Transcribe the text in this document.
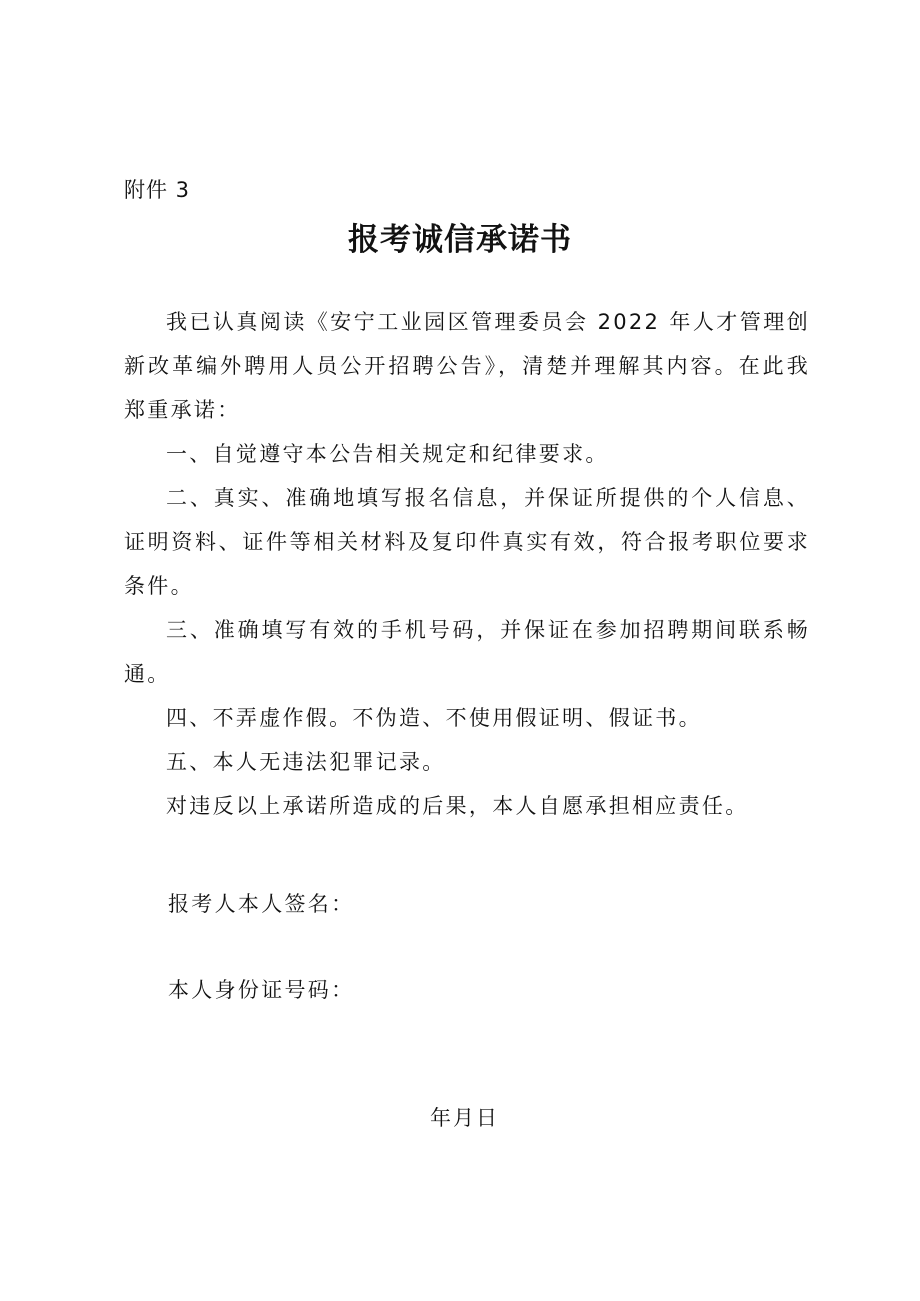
附件 3
报考诚信承诺书

我已认真阅读《安宁工业园区管理委员会 2022 年人才管理创新改革编外聘用人员公开招聘公告》，清楚并理解其内容。在此我郑重承诺：

一、自觉遵守本公告相关规定和纪律要求。

二、真实、准确地填写报名信息，并保证所提供的个人信息、证明资料、证件等相关材料及复印件真实有效，符合报考职位要求条件。

三、准确填写有效的手机号码，并保证在参加招聘期间联系畅通。

四、不弄虚作假。不伪造、不使用假证明、假证书。

五、本人无违法犯罪记录。

对违反以上承诺所造成的后果，本人自愿承担相应责任。

报考人本人签名：
本人身份证号码：
年月日
